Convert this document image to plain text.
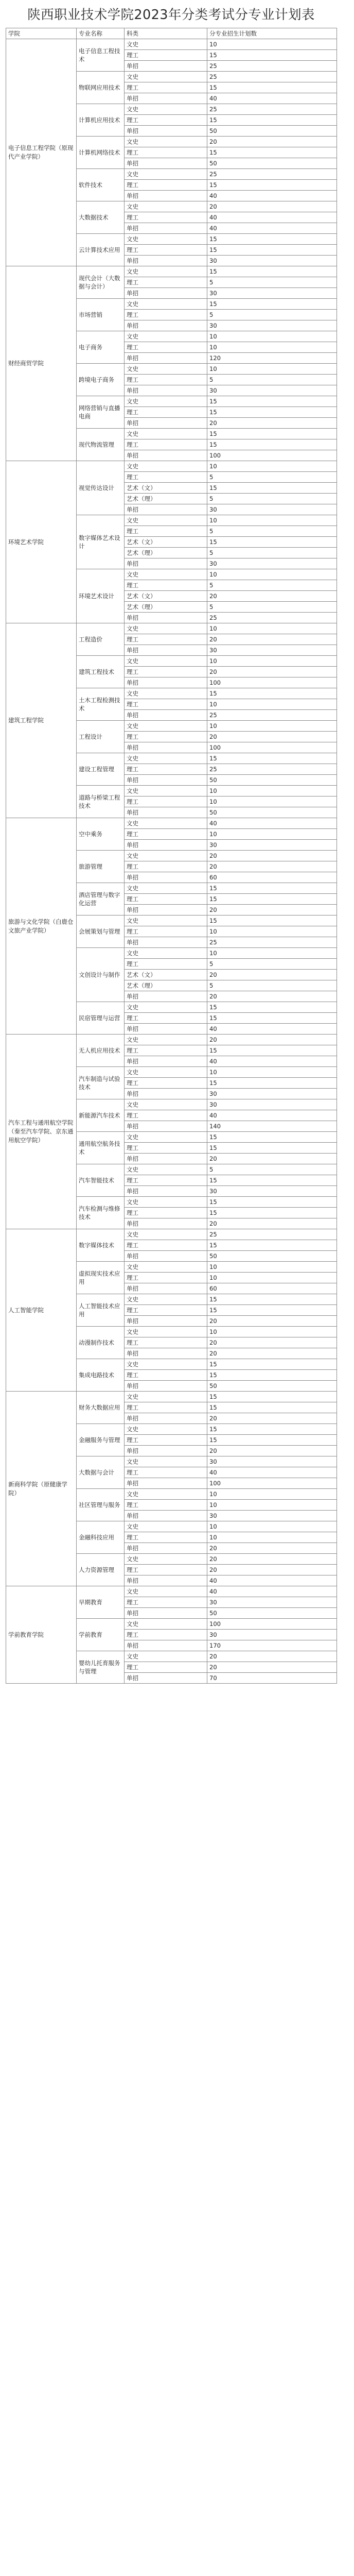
陕西职业技术学院2023年分类考试分专业计划表
学院	专业名称	科类	分专业招生计划数
电子信息工程学院（原现代产业学院）	电子信息工程技术	文史	10
		理工	15
		单招	25
	物联网应用技术	文史	25
		理工	15
		单招	40
	计算机应用技术	文史	25
		理工	15
		单招	50
	计算机网络技术	文史	20
		理工	15
		单招	50
	软件技术	文史	25
		理工	15
		单招	40
	大数据技术	文史	20
		理工	40
		单招	40
	云计算技术应用	文史	15
		理工	15
		单招	30
财经商贸学院	现代会计（大数据与会计）	文史	15
		理工	5
		单招	30
	市场营销	文史	15
		理工	5
		单招	30
	电子商务	文史	10
		理工	10
		单招	120
	跨境电子商务	文史	10
		理工	5
		单招	30
	网络营销与直播电商	文史	15
		理工	15
		单招	20
	现代物流管理	文史	15
		理工	15
		单招	100
环境艺术学院	视觉传达设计	文史	10
		理工	5
		艺术（文）	15
		艺术（理）	5
		单招	30
	数字媒体艺术设计	文史	10
		理工	5
		艺术（文）	15
		艺术（理）	5
		单招	30
	环境艺术设计	文史	10
		理工	5
		艺术（文）	20
		艺术（理）	5
		单招	25
建筑工程学院	工程造价	文史	10
		理工	20
		单招	30
	建筑工程技术	文史	10
		理工	20
		单招	100
	土木工程检测技术	文史	15
		理工	10
		单招	25
	工程设计	文史	10
		理工	20
		单招	100
	建设工程管理	文史	15
		理工	25
		单招	50
	道路与桥梁工程技术	文史	10
		理工	10
		单招	50
旅游与文化学院（白鹿仓文旅产业学院）	空中乘务	文史	40
		理工	10
		单招	30
	旅游管理	文史	20
		理工	20
		单招	60
	酒店管理与数字化运营	文史	15
		理工	15
		单招	20
	会展策划与管理	文史	15
		理工	10
		单招	25
	文创设计与制作	文史	10
		理工	5
		艺术（文）	20
		艺术（理）	5
		单招	20
	民宿管理与运营	文史	15
		理工	15
		单招	40
汽车工程与通用航空学院（秦至汽车学院、京东通用航空学院）	无人机应用技术	文史	20
		理工	15
		单招	40
	汽车制造与试验技术	文史	10
		理工	15
		单招	30
	新能源汽车技术	文史	30
		理工	40
		单招	140
	通用航空航务技术	文史	15
		理工	15
		单招	20
	汽车智能技术	文史	5
		理工	15
		单招	30
	汽车检测与维修技术	文史	15
		理工	15
		单招	20
人工智能学院	数字媒体技术	文史	25
		理工	15
		单招	50
	虚拟现实技术应用	文史	10
		理工	10
		单招	60
	人工智能技术应用	文史	15
		理工	15
		单招	20
	动漫制作技术	文史	10
		理工	20
		单招	20
	集成电路技术	文史	15
		理工	15
		单招	50
新商科学院（原健康学院）	财务大数据应用	文史	15
		理工	15
		单招	20
	金融服务与管理	文史	15
		理工	15
		单招	20
	大数据与会计	文史	30
		理工	40
		单招	100
	社区管理与服务	文史	10
		理工	10
		单招	30
	金融科技应用	文史	10
		理工	10
		单招	20
	人力资源管理	文史	20
		理工	20
		单招	40
学前教育学院	早期教育	文史	40
		理工	30
		单招	50
	学前教育	文史	100
		理工	30
		单招	170
	婴幼儿托育服务与管理	文史	20
		理工	20
		单招	70
